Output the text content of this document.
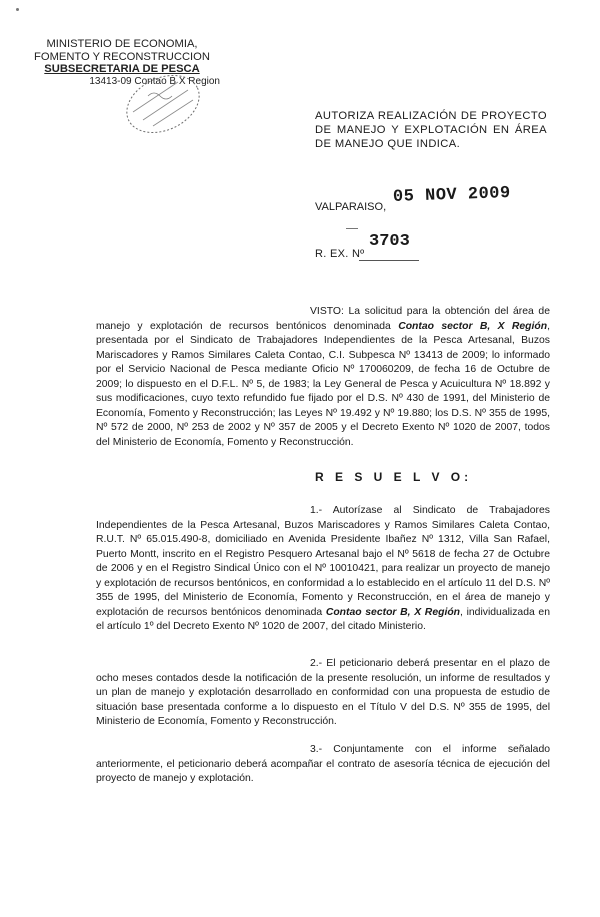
MINISTERIO DE ECONOMIA,
FOMENTO Y RECONSTRUCCION
SUBSECRETARIA DE PESCA
13413-09 Contao B X Region
AUTORIZA REALIZACIÓN DE PROYECTO DE MANEJO Y EXPLOTACIÓN EN ÁREA DE MANEJO QUE INDICA.
VALPARAISO, 05 NOV 2009
R. EX. Nº
3703
VISTO: La solicitud para la obtención del área de manejo y explotación de recursos bentónicos denominada Contao sector B, X Región, presentada por el Sindicato de Trabajadores Independientes de la Pesca Artesanal, Buzos Mariscadores y Ramos Similares Caleta Contao, C.I. Subpesca Nº 13413 de 2009; lo informado por el Servicio Nacional de Pesca mediante Oficio Nº 170060209, de fecha 16 de Octubre de 2009; lo dispuesto en el D.F.L. Nº 5, de 1983; la Ley General de Pesca y Acuicultura Nº 18.892 y sus modificaciones, cuyo texto refundido fue fijado por el D.S. Nº 430 de 1991, del Ministerio de Economía, Fomento y Reconstrucción; las Leyes Nº 19.492 y Nº 19.880; los D.S. Nº 355 de 1995, Nº 572 de 2000, Nº 253 de 2002 y Nº 357 de 2005 y el Decreto Exento Nº 1020 de 2007, todos del Ministerio de Economía, Fomento y Reconstrucción.
R E S U E L V O:
1.- Autorízase al Sindicato de Trabajadores Independientes de la Pesca Artesanal, Buzos Mariscadores y Ramos Similares Caleta Contao, R.U.T. Nº 65.015.490-8, domiciliado en Avenida Presidente Ibañez Nº 1312, Villa San Rafael, Puerto Montt, inscrito en el Registro Pesquero Artesanal bajo el Nº 5618 de fecha 27 de Octubre de 2006 y en el Registro Sindical Único con el Nº 10010421, para realizar un proyecto de manejo y explotación de recursos bentónicos, en conformidad a lo establecido en el artículo 11 del D.S. Nº 355 de 1995, del Ministerio de Economía, Fomento y Reconstrucción, en el área de manejo y explotación de recursos bentónicos denominada Contao sector B, X Región, individualizada en el artículo 1º del Decreto Exento Nº 1020 de 2007, del citado Ministerio.
2.- El peticionario deberá presentar en el plazo de ocho meses contados desde la notificación de la presente resolución, un informe de resultados y un plan de manejo y explotación desarrollado en conformidad con una propuesta de estudio de situación base presentada conforme a lo dispuesto en el Título V del D.S. Nº 355 de 1995, del Ministerio de Economía, Fomento y Reconstrucción.
3.- Conjuntamente con el informe señalado anteriormente, el peticionario deberá acompañar el contrato de asesoría técnica de ejecución del proyecto de manejo y explotación.
